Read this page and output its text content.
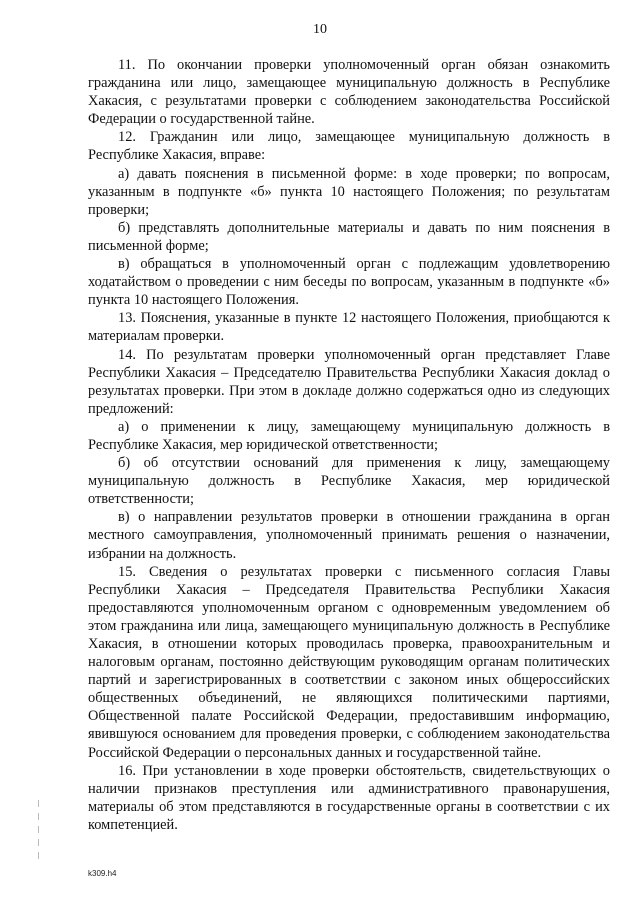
10

11. По окончании проверки уполномоченный орган обязан ознакомить гражданина или лицо, замещающее муниципальную должность в Республике Хакасия, с результатами проверки с соблюдением законодательства Российской Федерации о государственной тайне.

12. Гражданин или лицо, замещающее муниципальную должность в Республике Хакасия, вправе:

а) давать пояснения в письменной форме: в ходе проверки; по вопросам, указанным в подпункте «б» пункта 10 настоящего Положения; по результатам проверки;

б) представлять дополнительные материалы и давать по ним пояснения в письменной форме;

в) обращаться в уполномоченный орган с подлежащим удовлетворению ходатайством о проведении с ним беседы по вопросам, указанным в подпункте «б» пункта 10 настоящего Положения.

13. Пояснения, указанные в пункте 12 настоящего Положения, приобщаются к материалам проверки.

14. По результатам проверки уполномоченный орган представляет Главе Республики Хакасия – Председателю Правительства Республики Хакасия доклад о результатах проверки. При этом в докладе должно содержаться одно из следующих предложений:

а) о применении к лицу, замещающему муниципальную должность в Республике Хакасия, мер юридической ответственности;

б) об отсутствии оснований для применения к лицу, замещающему муниципальную должность в Республике Хакасия, мер юридической ответственности;

в) о направлении результатов проверки в отношении гражданина в орган местного самоуправления, уполномоченный принимать решения о назначении, избрании на должность.

15. Сведения о результатах проверки с письменного согласия Главы Республики Хакасия – Председателя Правительства Республики Хакасия предоставляются уполномоченным органом с одновременным уведомлением об этом гражданина или лица, замещающего муниципальную должность в Республике Хакасия, в отношении которых проводилась проверка, правоохранительным и налоговым органам, постоянно действующим руководящим органам политических партий и зарегистрированных в соответствии с законом иных общероссийских общественных объединений, не являющихся политическими партиями, Общественной палате Российской Федерации, предоставившим информацию, явившуюся основанием для проведения проверки, с соблюдением законодательства Российской Федерации о персональных данных и государственной тайне.

16. При установлении в ходе проверки обстоятельств, свидетельствующих о наличии признаков преступления или административного правонарушения, материалы об этом представляются в государственные органы в соответствии с их компетенцией.

k309.h4
